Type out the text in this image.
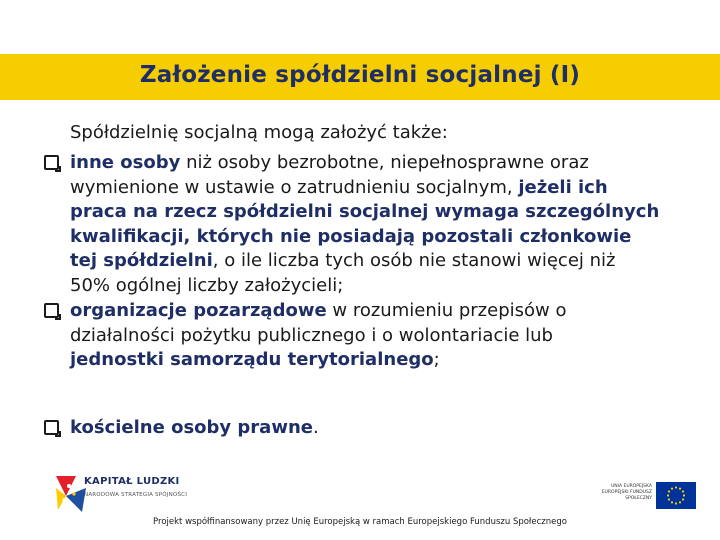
Założenie spółdzielni socjalnej (I)
Spółdzielnię socjalną mogą założyć także:
inne osoby niż osoby bezrobotne, niepełnosprawne oraz
wymienione w ustawie o zatrudnieniu socjalnym, jeżeli ich
praca na rzecz spółdzielni socjalnej wymaga szczególnych
kwalifikacji, których nie posiadają pozostali członkowie
tej spółdzielni, o ile liczba tych osób nie stanowi więcej niż
50% ogólnej liczby założycieli;
organizacje pozarządowe w rozumieniu przepisów o
działalności pożytku publicznego i o wolontariacie lub
jednostki samorządu terytorialnego;
kościelne osoby prawne.
KAPITAŁ LUDZKI
NARODOWA STRATEGIA SPÓJNOŚCI
UNIA EUROPEJSKA EUROPEJSKI FUNDUSZ SPOŁECZNY
Projekt współfinansowany przez Unię Europejską w ramach Europejskiego Funduszu Społecznego
